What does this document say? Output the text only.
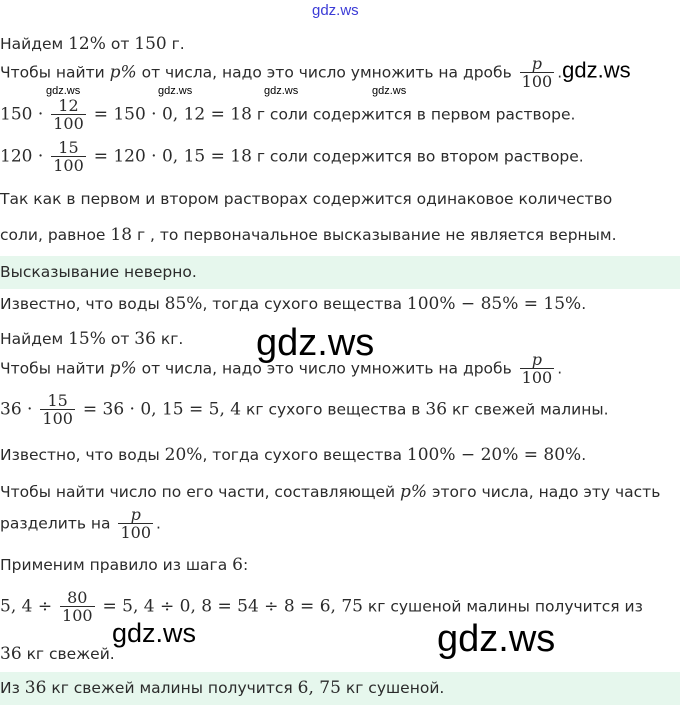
gdz.ws
Найдем 12% от 150 г.
Чтобы найти p% от числа, надо это число умножить на дробь $\frac{p}{100} .gdz.ws$
gdz.ws	gdz.ws	gdz.ws	gdz.ws
$150 \cdot \frac{12}{100} = 150 \cdot 0$, 12 = 18 г соли содержится в первом растворе.
$120 \cdot \frac{15}{100} = 120 \cdot 0$, 15 = 18 г соли содержится во втором растворе.
Так как в первом и втором растворах содержится одинаковое количество
соли, равное 18 г , то первоначальное высказывание не является верным.
Высказывание неверно.
Известно, что воды 85%, тогда сухого вещества 100% − 85% = 15%.
Найдем 15% от 36 кг.	gdz.ws
Чтобы найти p% от числа, надо это число умножить на дробь $\frac{p}{100}$ .
$36 \cdot \frac{15}{100} = 36 \cdot 0$, 15 = 5, 4 кг сухого вещества в 36 кг свежей малины.
Известно, что воды 20%, тогда сухого вещества 100% − 20% = 80%.
Чтобы найти число по его части, составляющей p% этого числа, надо эту часть
разделить на $\frac{p}{100}$ .
Применим правило из шага 6:
5, $4 \div \frac{80}{100} = 5$, 4 ÷ 0, 8 = 54 ÷ 8 = 6, 75 кг сушеной малины получится из
36 кг свежей.
gdz.ws	gdz.ws
Из 36 кг свежей малины получится 6, 75 кг сушеной.
